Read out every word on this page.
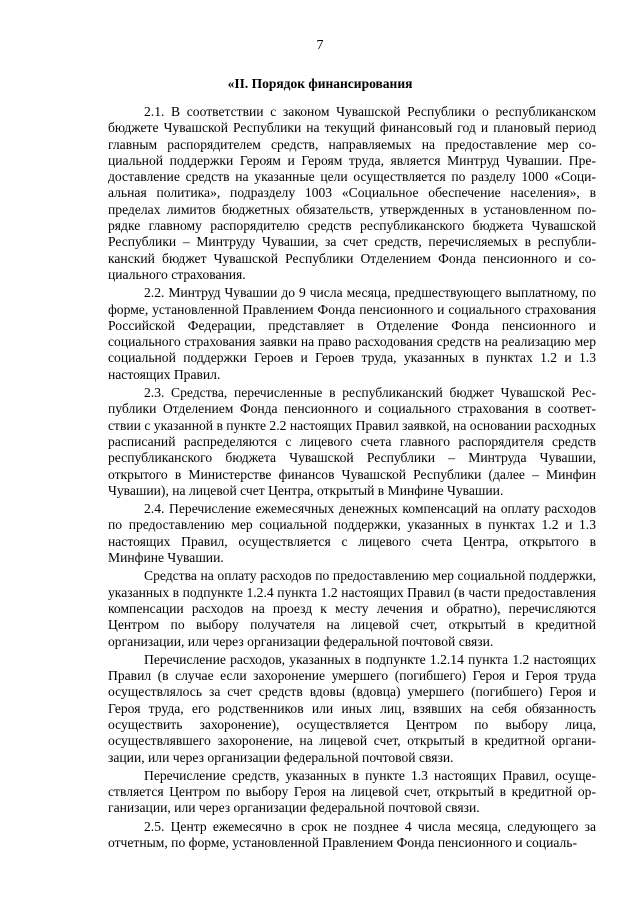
7
«II. Порядок финансирования

2.1. В соответствии с законом Чувашской Республики о республиканском бюджете Чувашской Республики на текущий финансовый год и плановый период главным распорядителем средств, направляемых на предоставление мер социальной поддержки Героям и Героям труда, является Минтруд Чувашии. Предоставление средств на указанные цели осуществляется по разделу 1000 «Социальная политика», подразделу 1003 «Социальное обеспечение населения», в пределах лимитов бюджетных обязательств, утвержденных в установленном порядке главному распорядителю средств республиканского бюджета Чувашской Республики – Минтруду Чувашии, за счет средств, перечисляемых в республиканский бюджет Чувашской Республики Отделением Фонда пенсионного и социального страхования.

2.2. Минтруд Чувашии до 9 числа месяца, предшествующего выплатному, по форме, установленной Правлением Фонда пенсионного и социального страхования Российской Федерации, представляет в Отделение Фонда пенсионного и социального страхования заявки на право расходования средств на реализацию мер социальной поддержки Героев и Героев труда, указанных в пунктах 1.2 и 1.3 настоящих Правил.

2.3. Средства, перечисленные в республиканский бюджет Чувашской Республики Отделением Фонда пенсионного и социального страхования в соответствии с указанной в пункте 2.2 настоящих Правил заявкой, на основании расходных расписаний распределяются с лицевого счета главного распорядителя средств республиканского бюджета Чувашской Республики – Минтруда Чувашии, открытого в Министерстве финансов Чувашской Республики (далее – Минфин Чувашии), на лицевой счет Центра, открытый в Минфине Чувашии.

2.4. Перечисление ежемесячных денежных компенсаций на оплату расходов по предоставлению мер социальной поддержки, указанных в пунктах 1.2 и 1.3 настоящих Правил, осуществляется с лицевого счета Центра, открытого в Минфине Чувашии.

Средства на оплату расходов по предоставлению мер социальной поддержки, указанных в подпункте 1.2.4 пункта 1.2 настоящих Правил (в части предоставления компенсации расходов на проезд к месту лечения и обратно), перечисляются Центром по выбору получателя на лицевой счет, открытый в кредитной организации, или через организации федеральной почтовой связи.

Перечисление расходов, указанных в подпункте 1.2.14 пункта 1.2 настоящих Правил (в случае если захоронение умершего (погибшего) Героя и Героя труда осуществлялось за счет средств вдовы (вдовца) умершего (погибшего) Героя и Героя труда, его родственников или иных лиц, взявших на себя обязанность осуществить захоронение), осуществляется Центром по выбору лица, осуществлявшего захоронение, на лицевой счет, открытый в кредитной организации, или через организации федеральной почтовой связи.

Перечисление средств, указанных в пункте 1.3 настоящих Правил, осуществляется Центром по выбору Героя на лицевой счет, открытый в кредитной организации, или через организации федеральной почтовой связи.

2.5. Центр ежемесячно в срок не позднее 4 числа месяца, следующего за отчетным, по форме, установленной Правлением Фонда пенсионного и социаль-
